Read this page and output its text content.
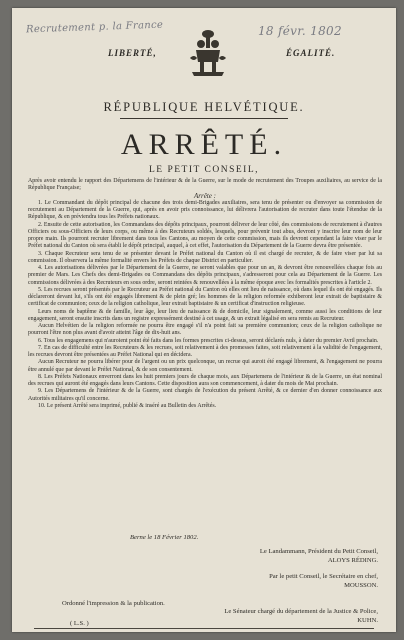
Recrutement p. la France	18 févr. 1802
LIBERTÉ,	ÉGALITÉ.
RÉPUBLIQUE HELVÉTIQUE.
ARRÊTÉ.
LE PETIT CONSEIL,

Après avoir entendu le rapport des Départemens de l'intérieur & de la Guerre, sur le mode de recrutement des Troupes auxiliaires, au service de la République Française;

Arrête :

1. Le Commandant du dépôt principal de chacune des trois demi-Brigades auxiliaires, sera tenu de présenter ou d'envoyer sa commission de recrutement au Département de la Guerre, qui, après en avoir pris connoissance, lui délivrera l'autorisation de recruter dans toute l'étendue de la République, & en préviendra tous les Préfets nationaux.

2. Ensuite de cette autorisation, les Commandans des dépôts principaux, pourront délivrer de leur côté, des commissions de recrutement à d'autres Officiers ou sous-Officiers de leurs corps, ou même à des Recruteurs soldés, lesquels, pour prévenir tout abus, devront y inscrire leur nom de leur propre main. Ils pourront recruter librement dans tous les Cantons, au moyen de cette commission, mais ils devront cependant la faire viser par le Préfet national du Canton où sera établi le dépôt principal, auquel, à cet effet, l'autorisation du Département de la Guerre devra être présentée.

3. Chaque Recruteur sera tenu de se présenter devant le Préfet national du Canton où il est chargé de recruter, & de faire viser par lui sa commission. Il observera la même formalité envers les Préfets de chaque District en particulier.

4. Les autorisations délivrées par le Département de la Guerre, ne seront valables que pour un an, & devront être renouvellées chaque fois au premier de Mars. Les Chefs des demi-Brigades ou Commandans des dépôts principaux, s'adresseront pour cela au Département de la Guerre. Les commissions délivrées à des Recruteurs en sous ordre, seront reintées & renouvellées à la même époque avec les formalités prescrites à l'article 2.

5. Les recrues seront présentés par le Recruteur au Préfet national du Canton où elles ont lieu de naissance, où dans lequel ils ont été engagés. Ils déclareront devant lui, s'ils ont été engagés librement & de plein gré; les hommes de la religion reformée exhiberont leur extrait de baptistaire & certificat de communion; ceux de la religion catholique, leur extrait baptistaire & un certificat d'instruction religieuse.

Leurs noms de baptême & de famille, leur âge, leur lieu de naissance & de domicile, leur signalement, comme aussi les conditions de leur engagement, seront ensuite inscrits dans un registre expressément destiné à cet usage, & un extrait légalisé en sera remis au Recruteur.

Aucun Helvétien de la religion reformée ne pourra être engagé s'il n'a point fait sa première communion; ceux de la religion catholique ne pourront l'être non plus avant d'avoir atteint l'âge de dix-huit ans.

6. Tous les engagemens qui n'auroient point été faits dans les formes prescrites ci-dessus, seront déclarés nuls, à dater du premier Avril prochain.

7. En cas de difficulté entre les Recruteurs & les recrues, soit relativement à des promesses faites, soit relativement à la validité de l'engagement, les recrues devront être présentées au Préfet National qui en décidera.

Aucun Recruteur ne pourra libérer pour de l'argent ou un prix quelconque, un recrue qui auroit été engagé librement, & l'engagement ne pourra être annulé que par devant le Préfet National, & de son consentement.

8. Les Préfets Nationaux enverront dans les huit premiers jours de chaque mois, aux Départemens de l'intérieur & de la Guerre, un état nominal des recrues qui auront été engagés dans leurs Cantons. Cette disposition aura son commencement, à dater du mois de Mai prochain.

9. Les Départemens de l'intérieur & de la Guerre, sont chargés de l'exécution du présent Arrêté, & ce dernier d'en donner connoissance aux Autorités militaires qu'il concerne.

10. Le présent Arrêté sera imprimé, publié & inséré au Bulletin des Arrêtés.

Berne le 18 Février 1802.
Le Landammann, Président du Petit Conseil,
ALOYS RÉDING.
Par le petit Conseil, le Secrétaire en chef,
MOUSSON.
Ordonné l'impression & la publication.
( L.S. )
Le Sénateur chargé du département de la Justice & Police,
KUHN.
